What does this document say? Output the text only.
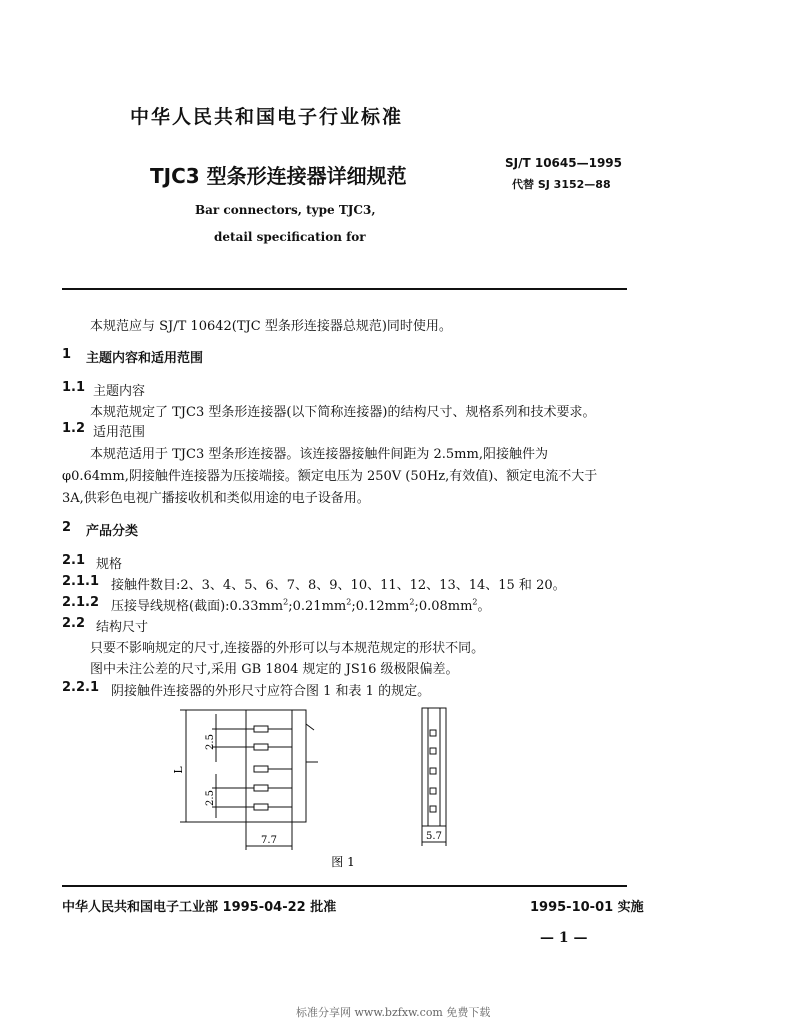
中华人民共和国电子行业标准
TJC3 型条形连接器详细规范
SJ/T 10645—1995
代替 SJ 3152—88
Bar connectors, type TJC3,
detail specification for
本规范应与 SJ/T 10642(TJC 型条形连接器总规范)同时使用。
1 主题内容和适用范围
1.1 主题内容
本规范规定了 TJC3 型条形连接器(以下简称连接器)的结构尺寸、规格系列和技术要求。
1.2 适用范围
本规范适用于 TJC3 型条形连接器。该连接器接触件间距为 2.5mm,阳接触件为
φ0.64mm,阴接触件连接器为压接端接。额定电压为 250V (50Hz,有效值)、额定电流不大于
3A,供彩色电视广播接收机和类似用途的电子设备用。
2 产品分类
2.1 规格
2.1.1 接触件数目:2、3、4、5、6、7、8、9、10、11、12、13、14、15 和 20。
2.1.2 压接导线规格(截面)$:0.33mm^2;0.21mm^2;0.12mm^2;0.08mm^2$。
2.2 结构尺寸
只要不影响规定的尺寸,连接器的外形可以与本规范规定的形状不同。
图中未注公差的尺寸,采用 GB 1804 规定的 JS16 级极限偏差。
2.2.1 阴接触件连接器的外形尺寸应符合图 1 和表 1 的规定。
2.5
2.5
L
7.7	5.7
图 1
中华人民共和国电子工业部 1995-04-22 批准	1995-10-01 实施
— 1 —
标准分享网 www.bzfxw.com 免费下载
